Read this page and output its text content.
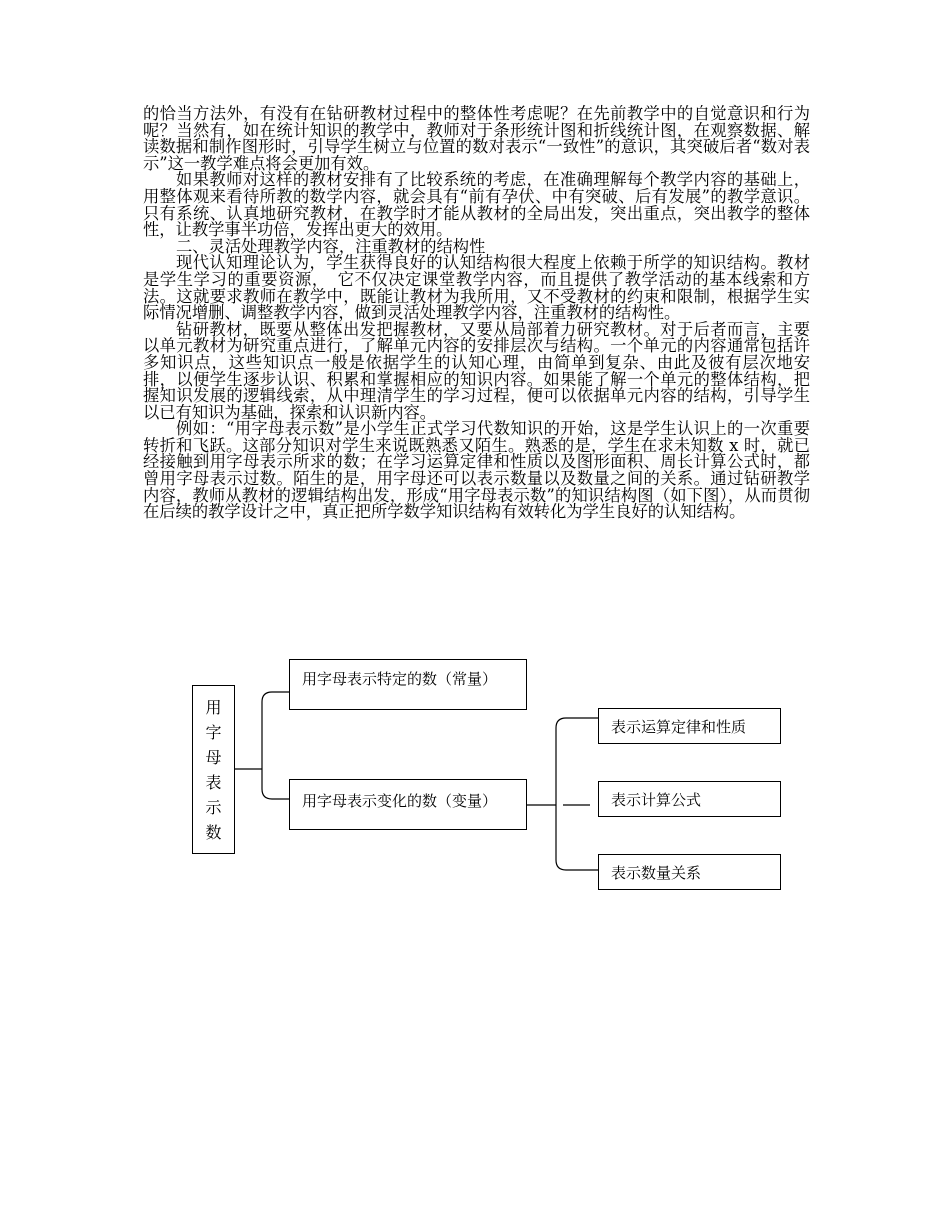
的恰当方法外，有没有在钻研教材过程中的整体性考虑呢？在先前教学中的自觉意识和行为呢？当然有，如在统计知识的教学中，教师对于条形统计图和折线统计图，在观察数据、解读数据和制作图形时，引导学生树立与位置的数对表示“一致性”的意识，其突破后者“数对表示”这一教学难点将会更加有效。

如果教师对这样的教材安排有了比较系统的考虑，在准确理解每个教学内容的基础上，用整体观来看待所教的数学内容，就会具有“前有孕伏、中有突破、后有发展”的教学意识。只有系统、认真地研究教材，在教学时才能从教材的全局出发，突出重点，突出教学的整体性，让教学事半功倍，发挥出更大的效用。

二、灵活处理教学内容，注重教材的结构性

现代认知理论认为，学生获得良好的认知结构很大程度上依赖于所学的知识结构。教材是学生学习的重要资源，　它不仅决定课堂教学内容，而且提供了教学活动的基本线索和方法。这就要求教师在教学中，既能让教材为我所用，又不受教材的约束和限制，根据学生实际情况增删、调整教学内容，做到灵活处理教学内容，注重教材的结构性。

钻研教材，既要从整体出发把握教材，又要从局部着力研究教材。对于后者而言，主要以单元教材为研究重点进行，了解单元内容的安排层次与结构。一个单元的内容通常包括许多知识点，这些知识点一般是依据学生的认知心理，由简单到复杂、由此及彼有层次地安排，以便学生逐步认识、积累和掌握相应的知识内容。如果能了解一个单元的整体结构，把握知识发展的逻辑线索，从中理清学生的学习过程，便可以依据单元内容的结构，引导学生以已有知识为基础，探索和认识新内容。

例如：“用字母表示数”是小学生正式学习代数知识的开始，这是学生认识上的一次重要转折和飞跃。这部分知识对学生来说既熟悉又陌生。熟悉的是，学生在求未知数 x 时，就已经接触到用字母表示所求的数；在学习运算定律和性质以及图形面积、周长计算公式时，都曾用字母表示过数。陌生的是，用字母还可以表示数量以及数量之间的关系。通过钻研教学内容，教师从教材的逻辑结构出发，形成“用字母表示数”的知识结构图（如下图），从而贯彻在后续的教学设计之中，真正把所学数学知识结构有效转化为学生良好的认知结构。

用
字
母
表
示
数
用字母表示特定的数（常量）
用字母表示变化的数（变量）
表示运算定律和性质
表示计算公式
表示数量关系
